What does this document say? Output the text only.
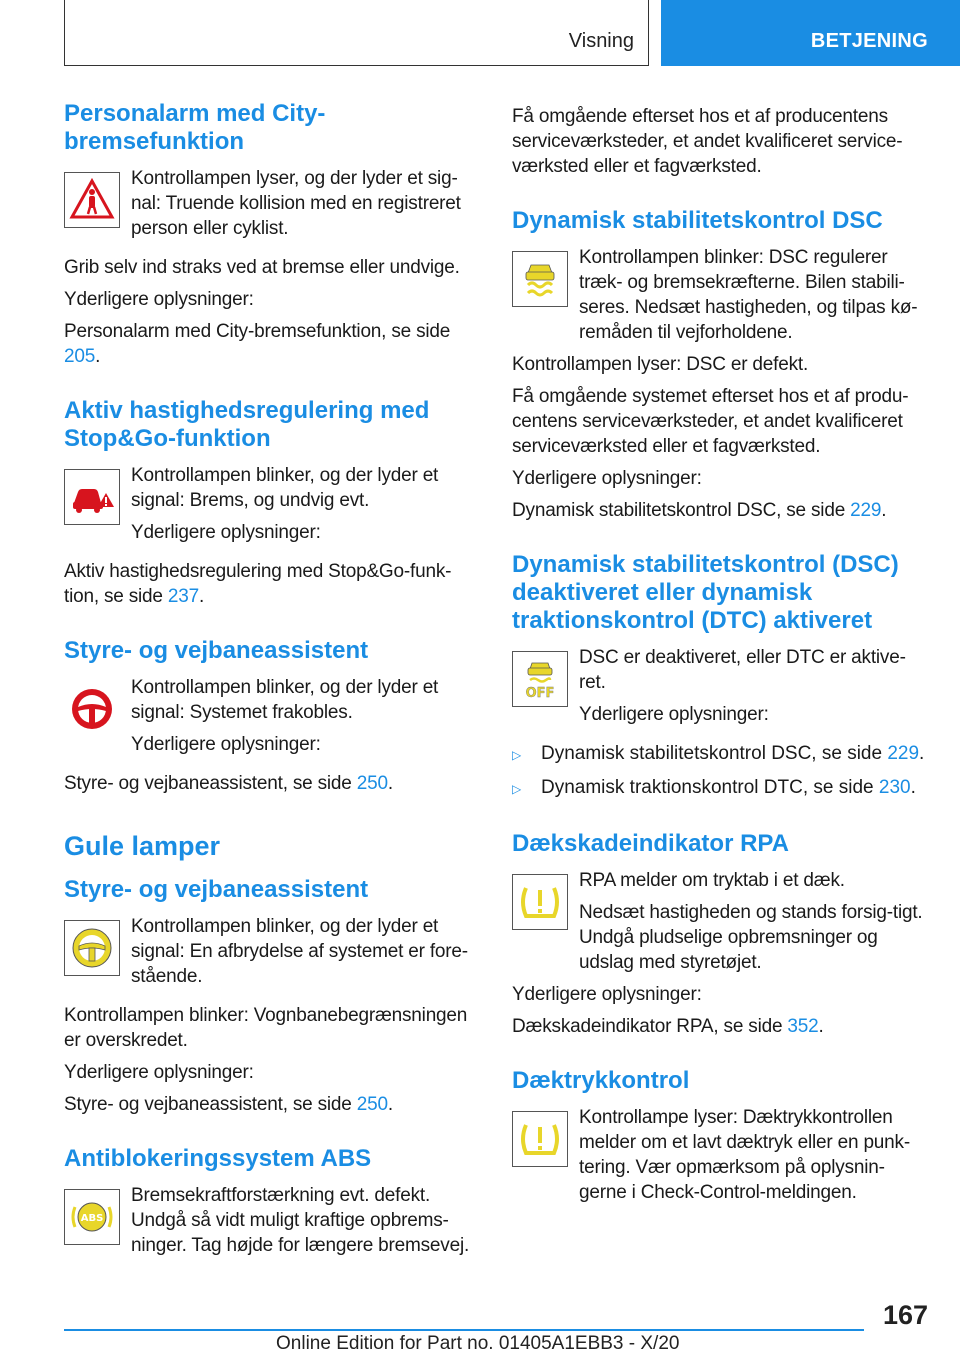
Visning	BETJENING
Personalarm med City-
bremsefunktion

Kontrollampen lyser, og der lyder et sig-nal: Truende kollision med en registreret person eller cyklist.

Grib selv ind straks ved at bremse eller undvige.

Yderligere oplysninger:

Personalarm med City-bremsefunktion, se side 205.

Aktiv hastighedsregulering med
Stop&Go-funktion

Kontrollampen blinker, og der lyder et signal: Brems, og undvig evt.

Yderligere oplysninger:

Aktiv hastighedsregulering med Stop&Go-funk-tion, se side 237.

Styre- og vejbaneassistent

Kontrollampen blinker, og der lyder et signal: Systemet frakobles.

Yderligere oplysninger:

Styre- og vejbaneassistent, se side 250.

Gule lamper
Styre- og vejbaneassistent

Kontrollampen blinker, og der lyder et signal: En afbrydelse af systemet er fore-stående.

Kontrollampen blinker: Vognbanebegrænsningen er overskredet.

Yderligere oplysninger:

Styre- og vejbaneassistent, se side 250.

Antiblokeringssystem ABS
ABS

Bremsekraftforstærkning evt. defekt. Undgå så vidt muligt kraftige opbrems-ninger. Tag højde for længere bremsevej.

Få omgående efterset hos et af producentens serviceværksteder, et andet kvalificeret service-værksted eller et fagværksted.

Dynamisk stabilitetskontrol DSC

Kontrollampen blinker: DSC regulerer træk- og bremsekræfterne. Bilen stabili-seres. Nedsæt hastigheden, og tilpas kø-remåden til vejforholdene.

Kontrollampen lyser: DSC er defekt.

Få omgående systemet efterset hos et af produ-centens serviceværksteder, et andet kvalificeret serviceværksted eller et fagværksted.

Yderligere oplysninger:

Dynamisk stabilitetskontrol DSC, se side 229.

Dynamisk stabilitetskontrol (DSC)
deaktiveret eller dynamisk
traktionskontrol (DTC) aktiveret
OFF

DSC er deaktiveret, eller DTC er aktive-ret.

Yderligere oplysninger:

▷	Dynamisk stabilitetskontrol DSC, se side 229.
▷	Dynamisk traktionskontrol DTC, se side 230.
Dækskadeindikator RPA

RPA melder om tryktab i et dæk.

Nedsæt hastigheden og stands forsig-tigt. Undgå pludselige opbremsninger og udslag med styretøjet.

Yderligere oplysninger:

Dækskadeindikator RPA, se side 352.

Dæktrykkontrol

Kontrollampe lyser: Dæktrykkontrollen melder om et lavt dæktryk eller en punk-tering. Vær opmærksom på oplysnin-gerne i Check-Control-meldingen.

167
Online Edition for Part no. 01405A1EBB3 - X/20
